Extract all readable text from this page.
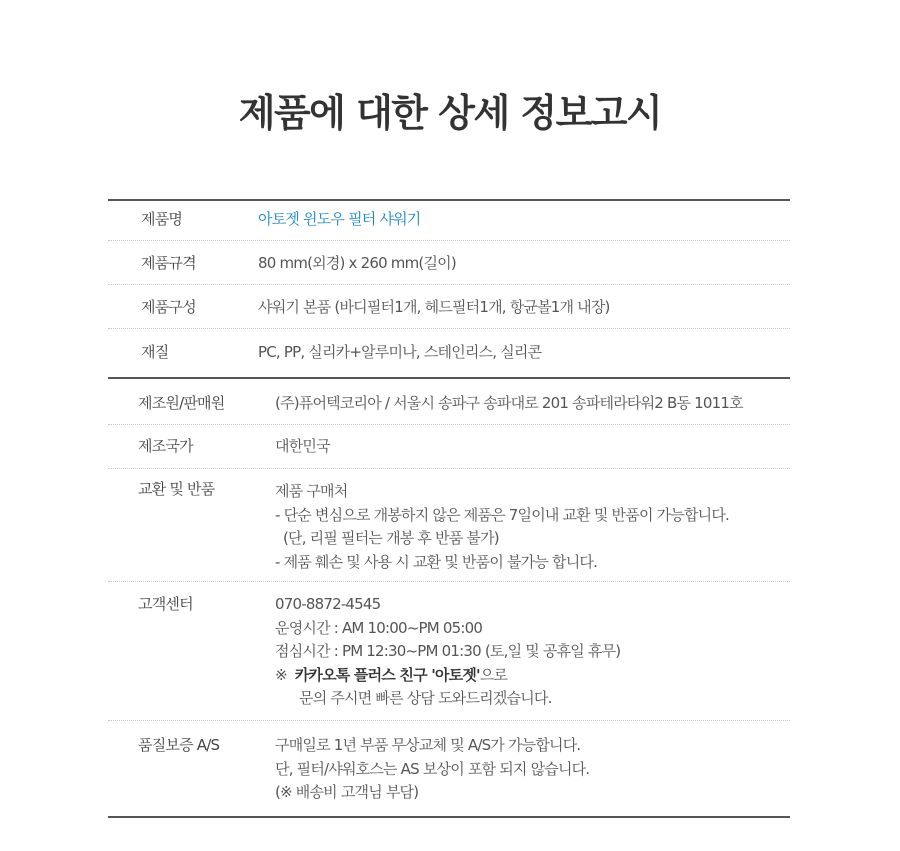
제품에 대한 상세 정보고시
제품명	아토젯 윈도우 필터 샤워기
제품규격	80 mm(외경) x 260 mm(길이)
제품구성	샤워기 본품 (바디필터1개, 헤드필터1개, 항균볼1개 내장)
재질	PC, PP, 실리카+알루미나, 스테인리스, 실리콘
제조원/판매원	(주)퓨어텍코리아 / 서울시 송파구 송파대로 201 송파테라타워2 B동 1011호
제조국가	대한민국
교환 및 반품	제품 구매처
- 단순 변심으로 개봉하지 않은 제품은 7일이내 교환 및 반품이 가능합니다.
(단, 리필 필터는 개봉 후 반품 불가)
- 제품 훼손 및 사용 시 교환 및 반품이 불가능 합니다.
고객센터	070-8872-4545
운영시간 : AM 10:00~PM 05:00
점심시간 : PM 12:30~PM 01:30 (토,일 및 공휴일 휴무)
※ 카카오톡 플러스 친구 '아토젯'으로
문의 주시면 빠른 상담 도와드리겠습니다.
품질보증 A/S	구매일로 1년 부품 무상교체 및 A/S가 가능합니다.
단, 필터/샤워호스는 AS 보상이 포함 되지 않습니다.
(※ 배송비 고객님 부담)
